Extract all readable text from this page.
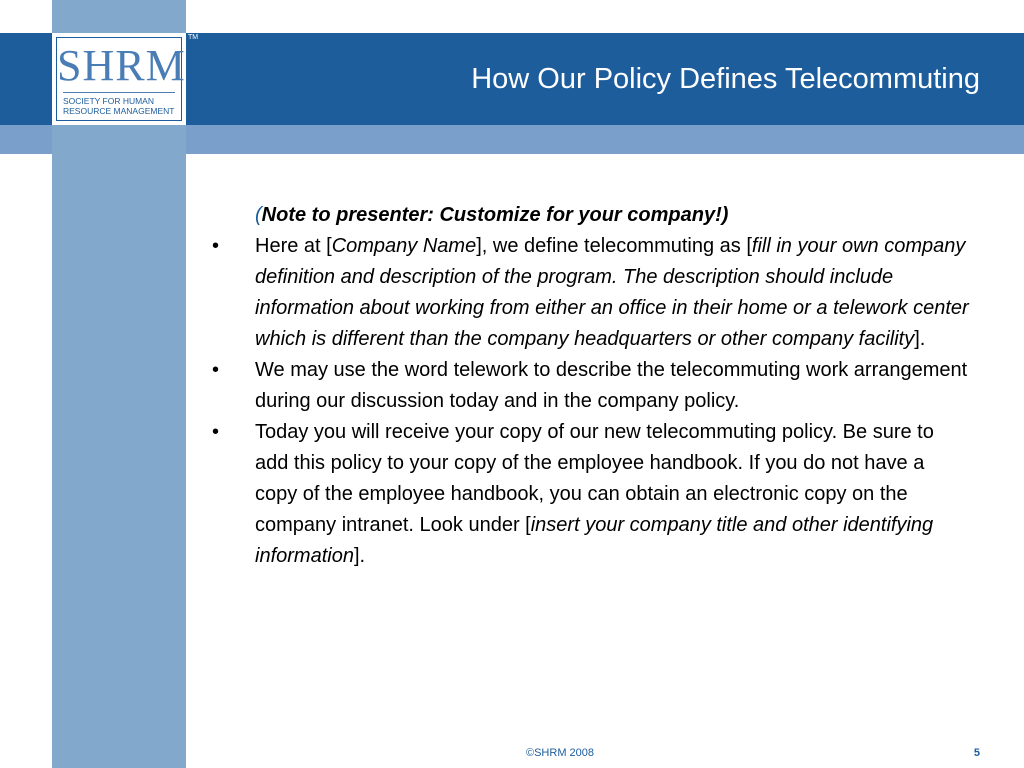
SHRM
SOCIETY FOR HUMAN RESOURCE MANAGEMENT
TM
How Our Policy Defines Telecommuting

(Note to presenter: Customize for your company!)

• Here at [Company Name], we define telecommuting as [fill in your own company definition and description of the program. The description should include information about working from either an office in their home or a telework center which is different than the company headquarters or other company facility].
• We may use the word telework to describe the telecommuting work arrangement during our discussion today and in the company policy.
• Today you will receive your copy of our new telecommuting policy. Be sure to add this policy to your copy of the employee handbook. If you do not have a copy of the employee handbook, you can obtain an electronic copy on the company intranet. Look under [insert your company title and other identifying information].
©SHRM 2008	5
